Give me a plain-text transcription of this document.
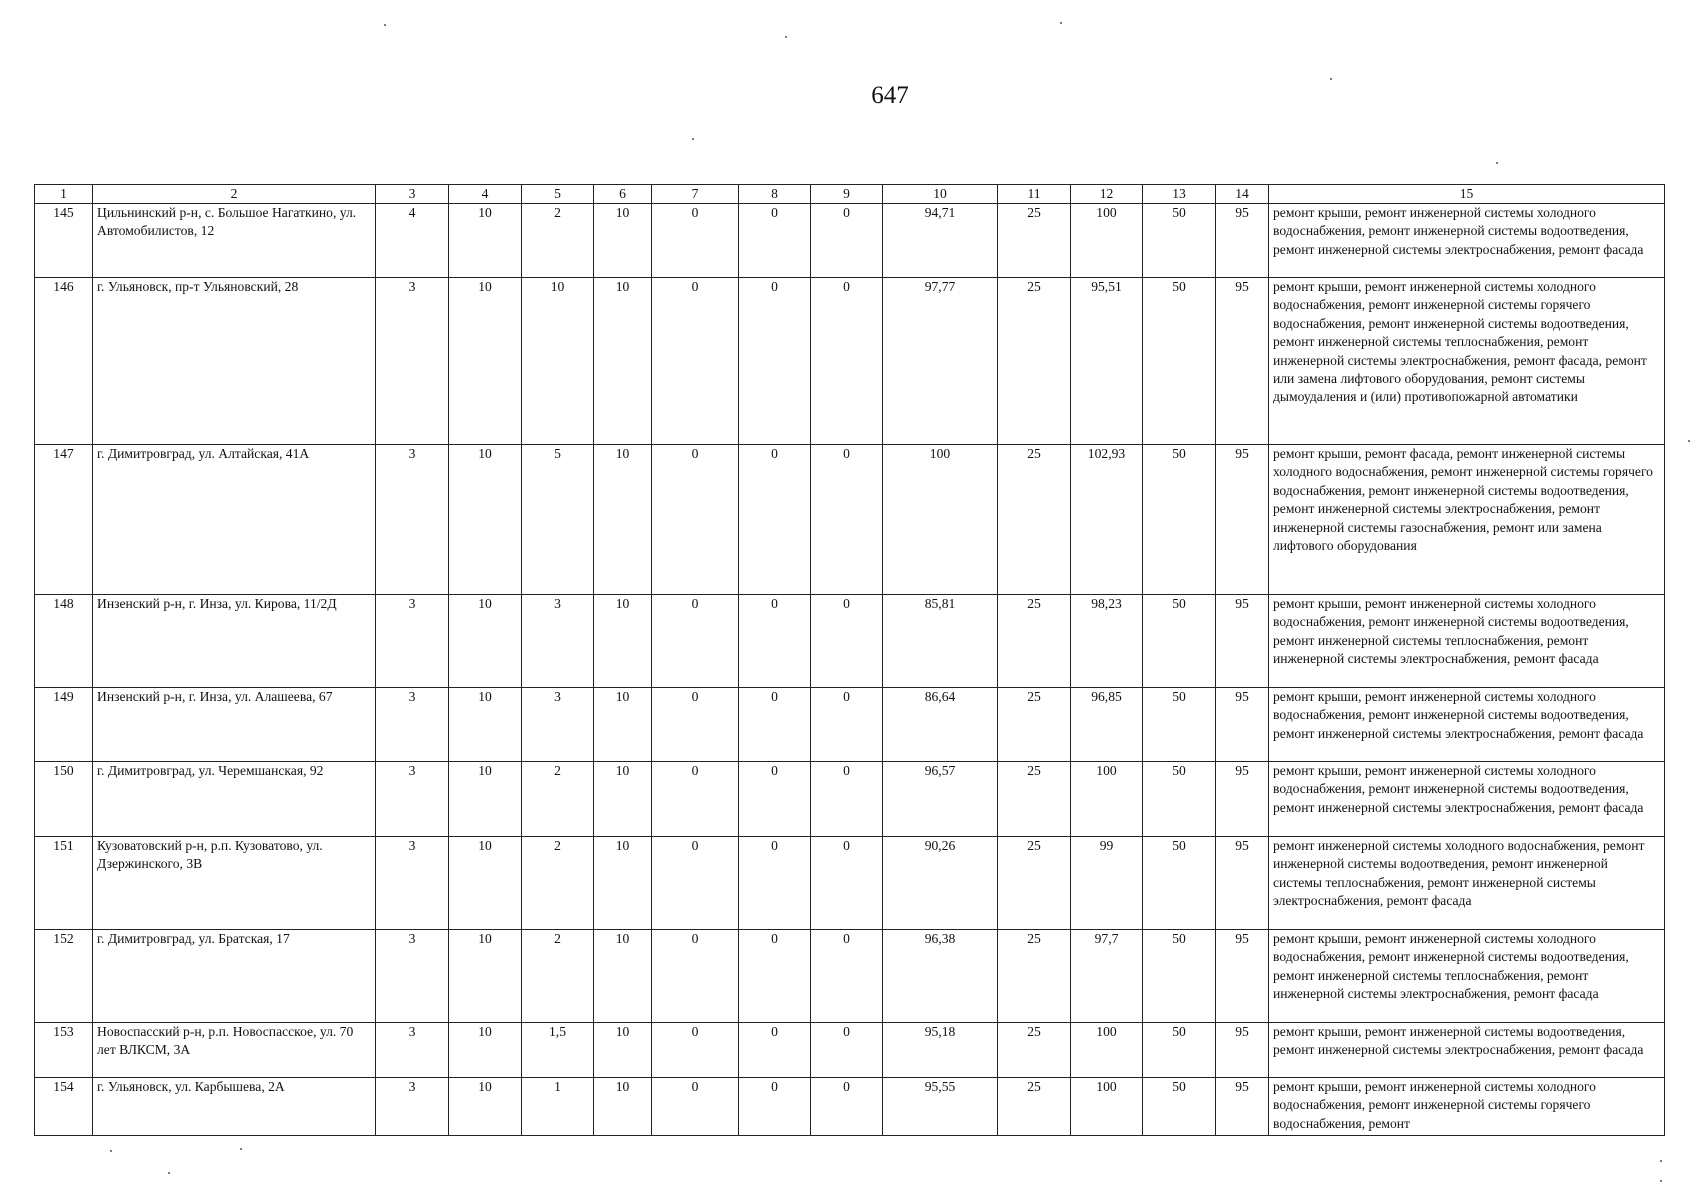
647
1	2	3	4	5	6	7	8	9	10	11	12	13	14	15
145	Цильнинский р-н, с. Большое Нагаткино, ул. Автомобилистов, 12	4	10	2	10	0	0	0	94,71	25	100	50	95	ремонт крыши, ремонт инженерной системы холодного водоснабжения, ремонт инженерной системы водоотведения, ремонт инженерной системы электроснабжения, ремонт фасада
146	г. Ульяновск, пр-т Ульяновский, 28	3	10	10	10	0	0	0	97,77	25	95,51	50	95	ремонт крыши, ремонт инженерной системы холодного водоснабжения, ремонт инженерной системы горячего водоснабжения, ремонт инженерной системы водоотведения, ремонт инженерной системы теплоснабжения, ремонт инженерной системы электроснабжения, ремонт фасада, ремонт или замена лифтового оборудования, ремонт системы дымоудаления и (или) противопожарной автоматики
147	г. Димитровград, ул. Алтайская, 41А	3	10	5	10	0	0	0	100	25	102,93	50	95	ремонт крыши, ремонт фасада, ремонт инженерной системы холодного водоснабжения, ремонт инженерной системы горячего водоснабжения, ремонт инженерной системы водоотведения, ремонт инженерной системы электроснабжения, ремонт инженерной системы газоснабжения, ремонт или замена лифтового оборудования
148	Инзенский р-н, г. Инза, ул. Кирова, 11/2Д	3	10	3	10	0	0	0	85,81	25	98,23	50	95	ремонт крыши, ремонт инженерной системы холодного водоснабжения, ремонт инженерной системы водоотведения, ремонт инженерной системы теплоснабжения, ремонт инженерной системы электроснабжения, ремонт фасада
149	Инзенский р-н, г. Инза, ул. Алашеева, 67	3	10	3	10	0	0	0	86,64	25	96,85	50	95	ремонт крыши, ремонт инженерной системы холодного водоснабжения, ремонт инженерной системы водоотведения, ремонт инженерной системы электроснабжения, ремонт фасада
150	г. Димитровград, ул. Черемшанская, 92	3	10	2	10	0	0	0	96,57	25	100	50	95	ремонт крыши, ремонт инженерной системы холодного водоснабжения, ремонт инженерной системы водоотведения, ремонт инженерной системы электроснабжения, ремонт фасада
151	Кузоватовский р-н, р.п. Кузоватово, ул. Дзержинского, 3В	3	10	2	10	0	0	0	90,26	25	99	50	95	ремонт инженерной системы холодного водоснабжения, ремонт инженерной системы водоотведения, ремонт инженерной системы теплоснабжения, ремонт инженерной системы электроснабжения, ремонт фасада
152	г. Димитровград, ул. Братская, 17	3	10	2	10	0	0	0	96,38	25	97,7	50	95	ремонт крыши, ремонт инженерной системы холодного водоснабжения, ремонт инженерной системы водоотведения, ремонт инженерной системы теплоснабжения, ремонт инженерной системы электроснабжения, ремонт фасада
153	Новоспасский р-н, р.п. Новоспасское, ул. 70 лет ВЛКСМ, 3А	3	10	1,5	10	0	0	0	95,18	25	100	50	95	ремонт крыши, ремонт инженерной системы водоотведения, ремонт инженерной системы электроснабжения, ремонт фасада
154	г. Ульяновск, ул. Карбышева, 2А	3	10	1	10	0	0	0	95,55	25	100	50	95	ремонт крыши, ремонт инженерной системы холодного водоснабжения, ремонт инженерной системы горячего водоснабжения, ремонт
